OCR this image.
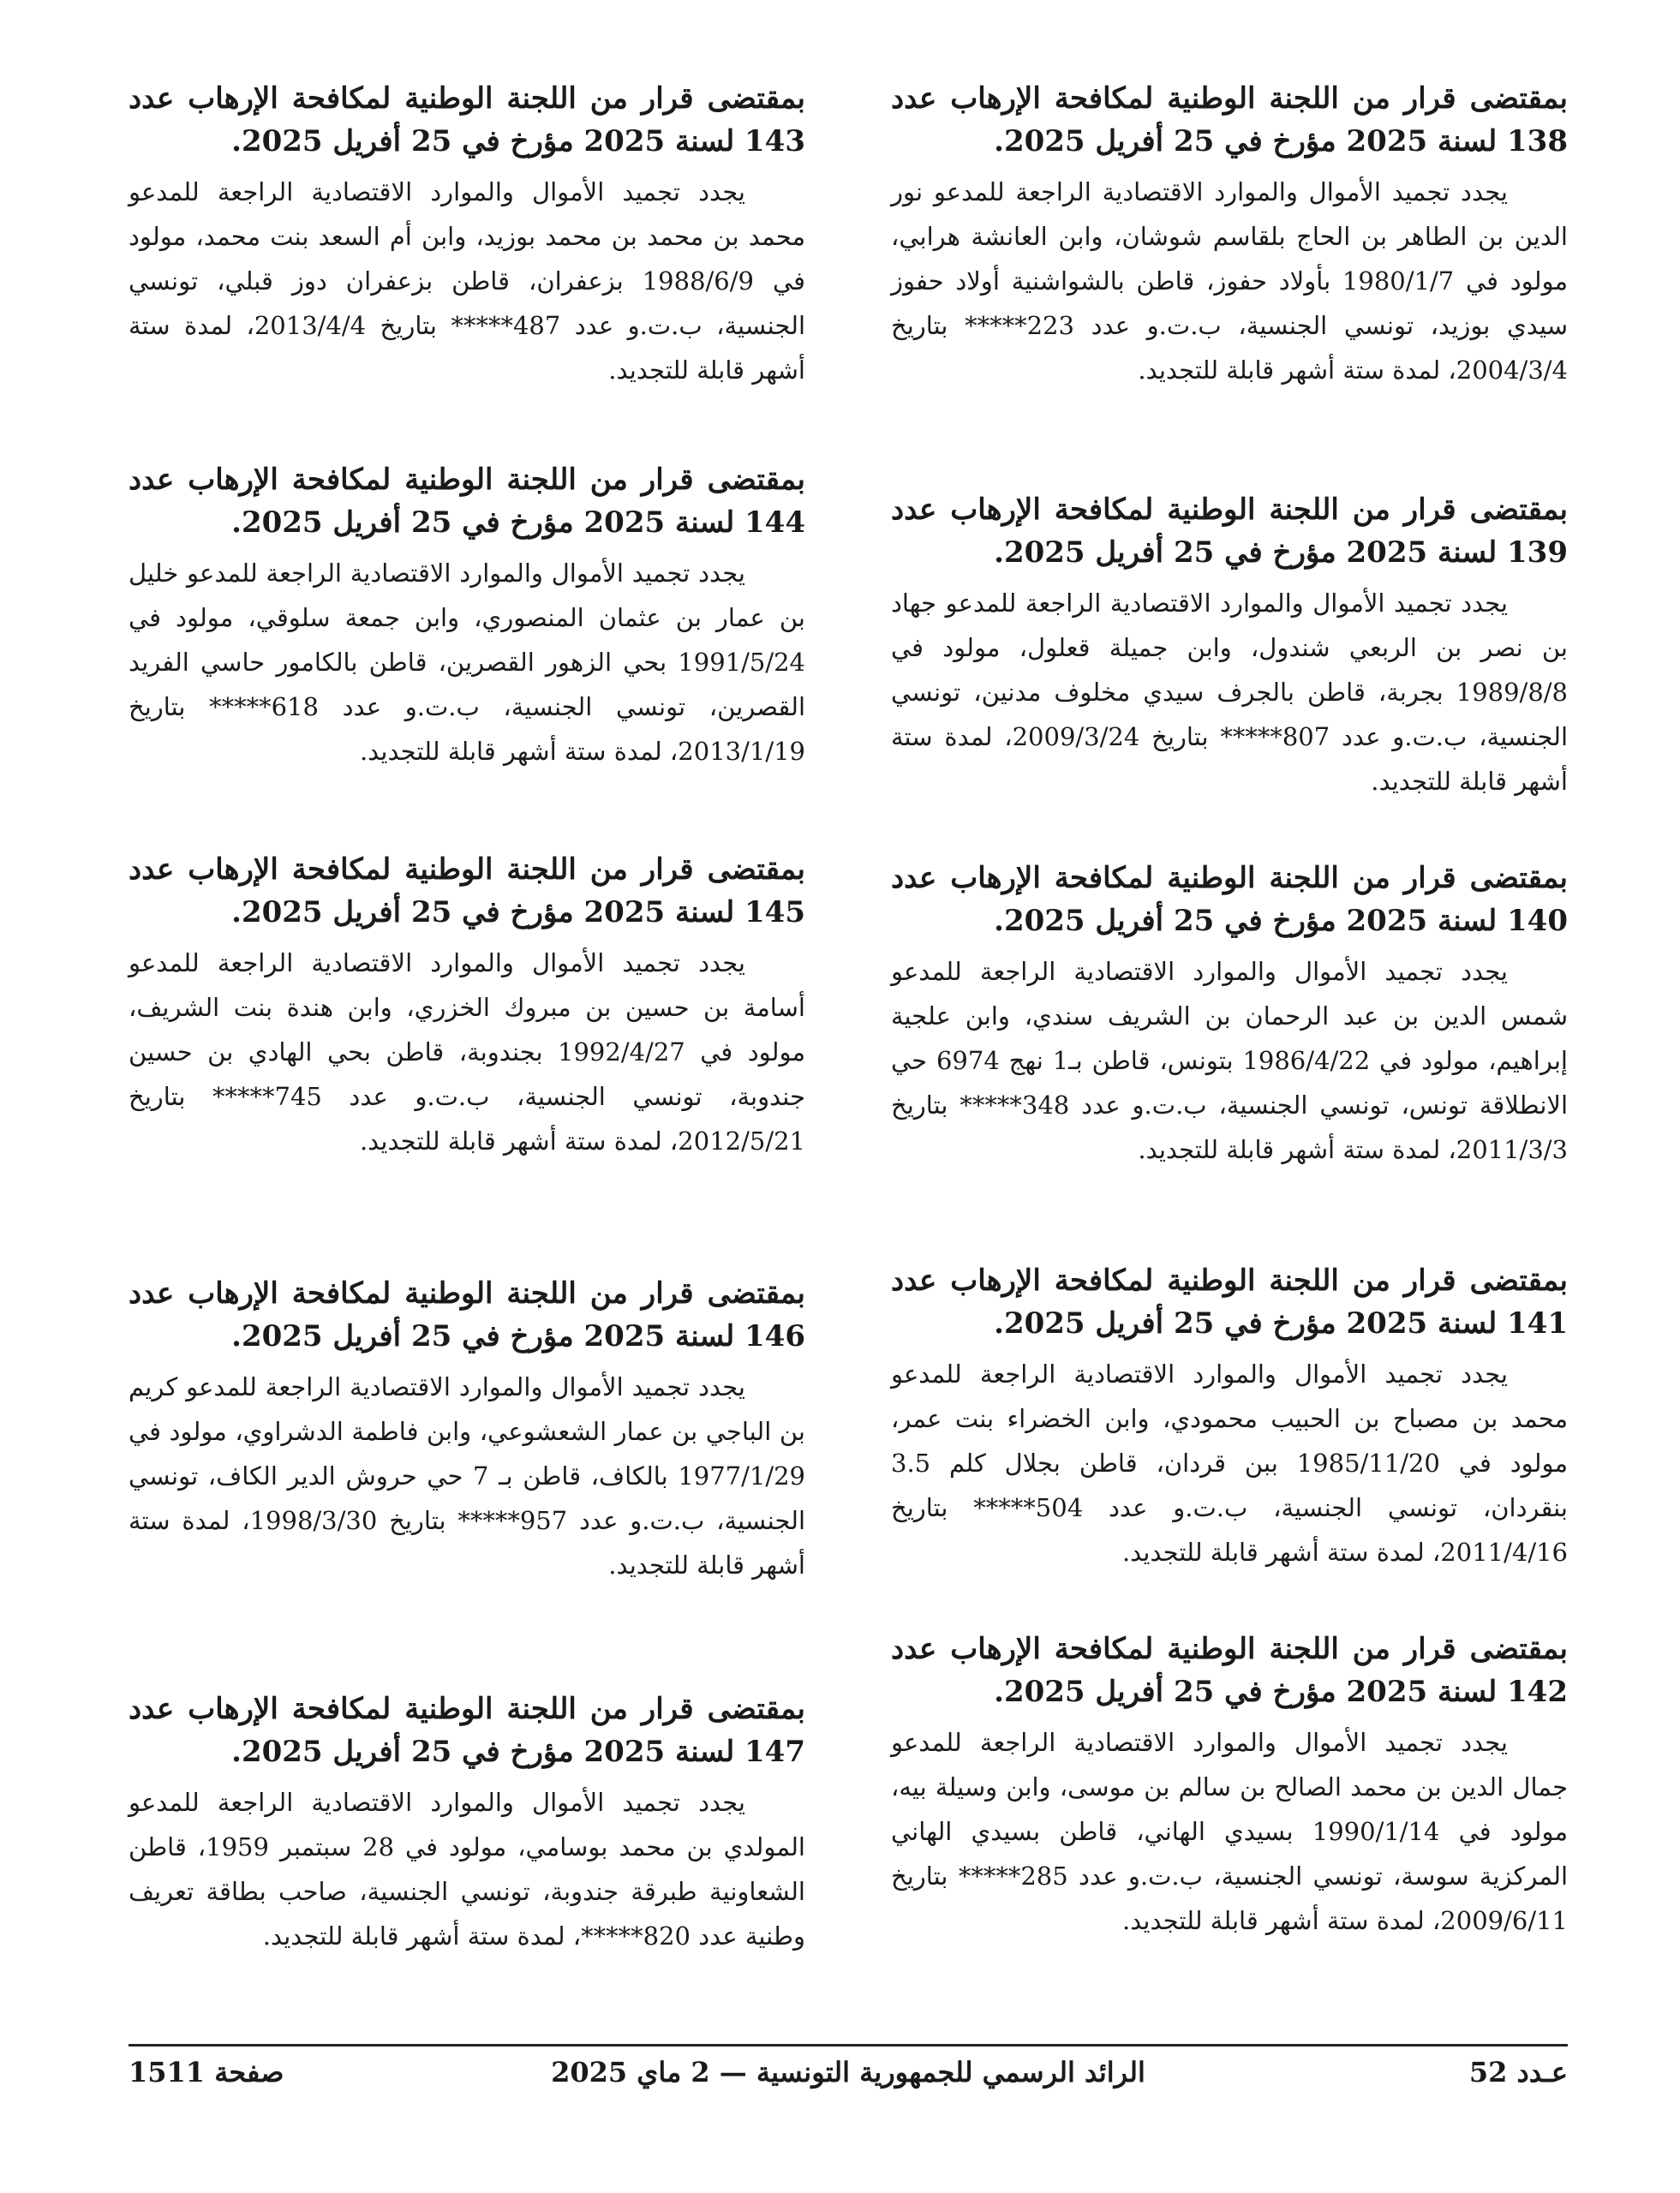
بمقتضى قرار من اللجنة الوطنية لمكافحة الإرهاب عدد 138 لسنة 2025 مؤرخ في 25 أفريل 2025.

يجدد تجميد الأموال والموارد الاقتصادية الراجعة للمدعو نور الدين بن الطاهر بن الحاج بلقاسم شوشان، وابن العانشة هرابي، مولود في 1980/1/7 بأولاد حفوز، قاطن بالشواشنية أولاد حفوز سيدي بوزيد، تونسي الجنسية، ب.ت.و عدد 223***** بتاريخ 2004/3/4، لمدة ستة أشهر قابلة للتجديد.

بمقتضى قرار من اللجنة الوطنية لمكافحة الإرهاب عدد 139 لسنة 2025 مؤرخ في 25 أفريل 2025.

يجدد تجميد الأموال والموارد الاقتصادية الراجعة للمدعو جهاد بن نصر بن الربعي شندول، وابن جميلة قعلول، مولود في 1989/8/8 بجربة، قاطن بالجرف سيدي مخلوف مدنين، تونسي الجنسية، ب.ت.و عدد 807***** بتاريخ 2009/3/24، لمدة ستة أشهر قابلة للتجديد.

بمقتضى قرار من اللجنة الوطنية لمكافحة الإرهاب عدد 140 لسنة 2025 مؤرخ في 25 أفريل 2025.

يجدد تجميد الأموال والموارد الاقتصادية الراجعة للمدعو شمس الدين بن عبد الرحمان بن الشريف سندي، وابن علجية إبراهيم، مولود في 1986/4/22 بتونس، قاطن بـ1 نهج 6974 حي الانطلاقة تونس، تونسي الجنسية، ب.ت.و عدد 348***** بتاريخ 2011/3/3، لمدة ستة أشهر قابلة للتجديد.

بمقتضى قرار من اللجنة الوطنية لمكافحة الإرهاب عدد 141 لسنة 2025 مؤرخ في 25 أفريل 2025.

يجدد تجميد الأموال والموارد الاقتصادية الراجعة للمدعو محمد بن مصباح بن الحبيب محمودي، وابن الخضراء بنت عمر، مولود في 1985/11/20 ببن قردان، قاطن بجلال كلم 3.5 بنقردان، تونسي الجنسية، ب.ت.و عدد 504***** بتاريخ 2011/4/16، لمدة ستة أشهر قابلة للتجديد.

بمقتضى قرار من اللجنة الوطنية لمكافحة الإرهاب عدد 142 لسنة 2025 مؤرخ في 25 أفريل 2025.

يجدد تجميد الأموال والموارد الاقتصادية الراجعة للمدعو جمال الدين بن محمد الصالح بن سالم بن موسى، وابن وسيلة بيه، مولود في 1990/1/14 بسيدي الهاني، قاطن بسيدي الهاني المركزية سوسة، تونسي الجنسية، ب.ت.و عدد 285***** بتاريخ 2009/6/11، لمدة ستة أشهر قابلة للتجديد.

بمقتضى قرار من اللجنة الوطنية لمكافحة الإرهاب عدد 143 لسنة 2025 مؤرخ في 25 أفريل 2025.

يجدد تجميد الأموال والموارد الاقتصادية الراجعة للمدعو محمد بن محمد بن محمد بوزيد، وابن أم السعد بنت محمد، مولود في 1988/6/9 بزعفران، قاطن بزعفران دوز قبلي، تونسي الجنسية، ب.ت.و عدد 487***** بتاريخ 2013/4/4، لمدة ستة أشهر قابلة للتجديد.

بمقتضى قرار من اللجنة الوطنية لمكافحة الإرهاب عدد 144 لسنة 2025 مؤرخ في 25 أفريل 2025.

يجدد تجميد الأموال والموارد الاقتصادية الراجعة للمدعو خليل بن عمار بن عثمان المنصوري، وابن جمعة سلوقي، مولود في 1991/5/24 بحي الزهور القصرين، قاطن بالكامور حاسي الفريد القصرين، تونسي الجنسية، ب.ت.و عدد 618***** بتاريخ 2013/1/19، لمدة ستة أشهر قابلة للتجديد.

بمقتضى قرار من اللجنة الوطنية لمكافحة الإرهاب عدد 145 لسنة 2025 مؤرخ في 25 أفريل 2025.

يجدد تجميد الأموال والموارد الاقتصادية الراجعة للمدعو أسامة بن حسين بن مبروك الخزري، وابن هندة بنت الشريف، مولود في 1992/4/27 بجندوبة، قاطن بحي الهادي بن حسين جندوبة، تونسي الجنسية، ب.ت.و عدد 745***** بتاريخ 2012/5/21، لمدة ستة أشهر قابلة للتجديد.

بمقتضى قرار من اللجنة الوطنية لمكافحة الإرهاب عدد 146 لسنة 2025 مؤرخ في 25 أفريل 2025.

يجدد تجميد الأموال والموارد الاقتصادية الراجعة للمدعو كريم بن الباجي بن عمار الشعشوعي، وابن فاطمة الدشراوي، مولود في 1977/1/29 بالكاف، قاطن بـ 7 حي حروش الدير الكاف، تونسي الجنسية، ب.ت.و عدد 957***** بتاريخ 1998/3/30، لمدة ستة أشهر قابلة للتجديد.

بمقتضى قرار من اللجنة الوطنية لمكافحة الإرهاب عدد 147 لسنة 2025 مؤرخ في 25 أفريل 2025.

يجدد تجميد الأموال والموارد الاقتصادية الراجعة للمدعو المولدي بن محمد بوسامي، مولود في 28 سبتمبر 1959، قاطن الشعاونية طبرقة جندوبة، تونسي الجنسية، صاحب بطاقة تعريف وطنية عدد 820*****، لمدة ستة أشهر قابلة للتجديد.

عـدد 52
الرائد الرسمي للجمهورية التونسية — 2 ماي 2025
صفحة 1511
